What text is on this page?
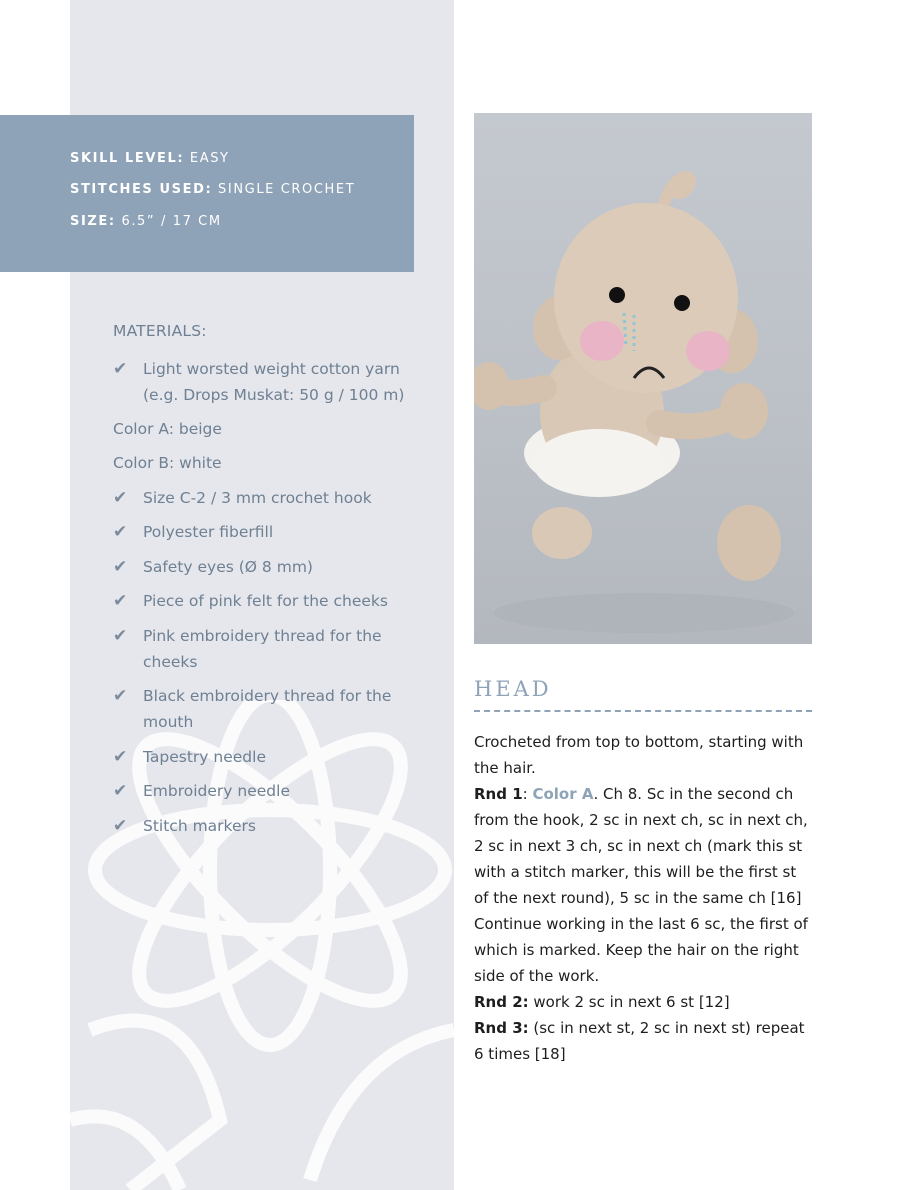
SKILL LEVEL: EASY
STITCHES USED: SINGLE CROCHET
SIZE: 6.5” / 17 CM
MATERIALS:
✔	Light worsted weight cotton yarn (e.g. Drops Muskat: 50 g / 100 m)
Color A: beige
Color B: white
✔	Size C-2 / 3 mm crochet hook
✔	Polyester fiberfill
✔	Safety eyes (Ø 8 mm)
✔	Piece of pink felt for the cheeks
✔	Pink embroidery thread for the cheeks
✔	Black embroidery thread for the mouth
✔	Tapestry needle
✔	Embroidery needle
✔	Stitch markers
HEAD

Crocheted from top to bottom, starting with the hair.

Rnd 1: Color A. Ch 8. Sc in the second ch from the hook, 2 sc in next ch, sc in next ch, 2 sc in next 3 ch, sc in next ch (mark this st with a stitch marker, this will be the first st of the next round), 5 sc in the same ch [16]

Continue working in the last 6 sc, the first of which is marked. Keep the hair on the right side of the work.

Rnd 2: work 2 sc in next 6 st [12]

Rnd 3: (sc in next st, 2 sc in next st) repeat 6 times [18]
